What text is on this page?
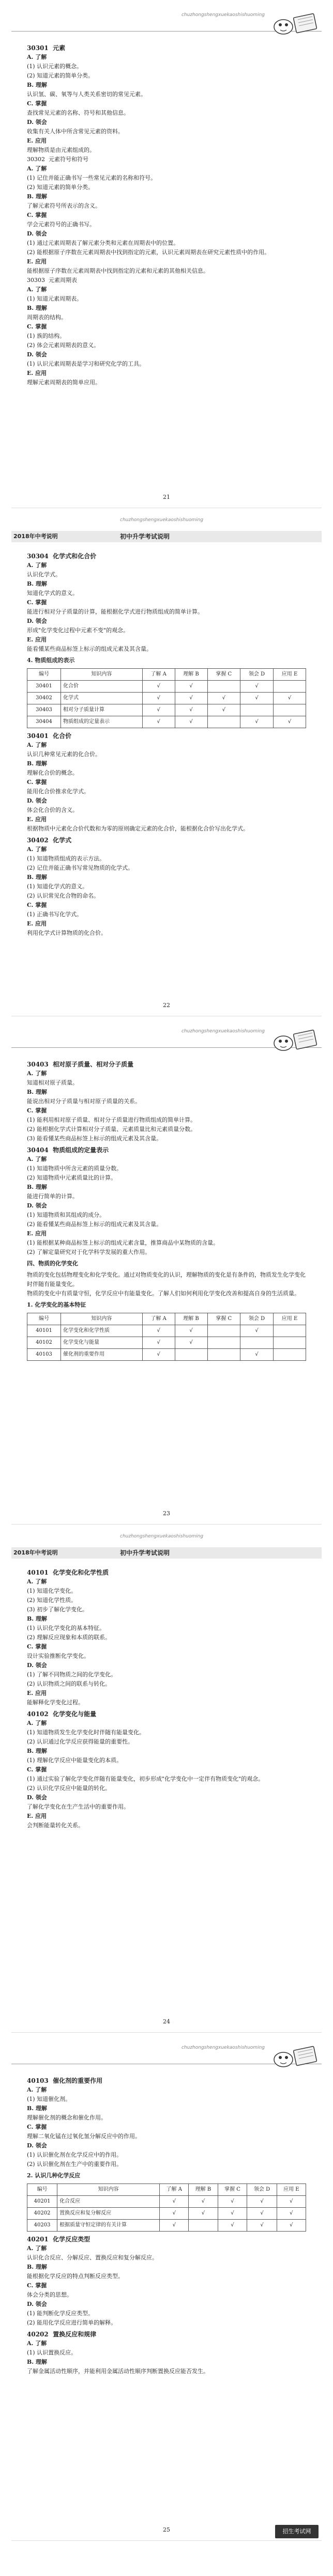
chuzhongshengxuekaoshishuoming
30301  元素
A. 了解
(1) 认识元素的概念。
(2) 知道元素的简单分类。
B. 理解
认识氢、碳、氧等与人类关系密切的常见元素。
C. 掌握
查找常见元素的名称、符号和其他信息。
D. 领会
收集有关人体中所含常见元素的资料。
E. 应用
理解物质是由元素组成的。
30302  元素符号和符号
A. 了解
(1) 记住并能正确书写一些常见元素的名称和符号。
(2) 知道元素的简单分类。
B. 理解
了解元素符号所表示的含义。
C. 掌握
学会元素符号的正确书写。
D. 领会
(1) 通过元素周期表了解元素分类和元素在周期表中的位置。
(2) 能根据原子序数在元素周期表中找到指定的元素，认识元素周期表在研究元素性质中的作用。
E. 应用
能根据原子序数在元素周期表中找到指定的元素和元素的其他相关信息。
30303  元素周期表
A. 了解
(1) 知道元素周期表。
B. 理解
周期表的结构。
C. 掌握
(1) 族的结构。
(2) 体会元素周期表的意义。
D. 领会
(1) 认识元素周期表是学习和研究化学的工具。
E. 应用
理解元素周期表的简单应用。
21
2018年中考说明	初中升学考试说明
chuzhongshengxuekaoshishuoming
30304  化学式和化合价
A. 了解
认识化学式。
B. 理解
知道化学式的意义。
C. 掌握
能进行相对分子质量的计算，能根据化学式进行物质组成的简单计算。
D. 领会
形成"化学变化过程中元素不变"的观念。
E. 应用
能看懂某些商品标签上标示的组成元素及其含量。
4. 物质组成的表示
编号	知识内容	了解 A	理解 B	掌握 C	领会 D	应用 E
30401	化合价	√	√		√	
30402	化学式	√	√	√	√	√
30403	相对分子质量计算	√	√	√		
30404	物质组成的定量表示	√	√		√	√
30401  化合价
A. 了解
认识几种常见元素的化合价。
B. 理解
理解化合价的概念。
C. 掌握
能用化合价推求化学式。
D. 领会
体会化合价的含义。
E. 应用
根据物质中元素化合价代数和为零的原则确定元素的化合价，能根据化合价写出化学式。
30402  化学式
A. 了解
(1) 知道物质组成的表示方法。
(2) 记住并能正确书写常见物质的化学式。
B. 理解
(1) 知道化学式的意义。
(2) 认识常见化合物的命名。
C. 掌握
(1) 正确书写化学式。
E. 应用
利用化学式计算物质的化合价。
22
chuzhongshengxuekaoshishuoming
30403  相对原子质量、相对分子质量
A. 了解
知道相对原子质量。
B. 理解
能说出相对分子质量与相对原子质量的关系。
C. 掌握
(1) 能利用相对原子质量、相对分子质量进行物质组成的简单计算。
(2) 能根据化学式计算相对分子质量、元素质量比和元素质量分数。
(3) 能看懂某些商品标签上标示的组成元素及其含量。
30404  物质组成的定量表示
A. 了解
(1) 知道物质中所含元素的质量分数。
(2) 知道物质中元素质量比的计算。
B. 理解
能进行简单的计算。
D. 领会
(1) 知道物质和其组成的成分。
(2) 能看懂某些商品标签上标示的组成元素及其含量。
E. 应用
(1) 能根据某种商品标签上标示的组成元素含量，推算商品中某物质的含量。
(2) 了解定量研究对于化学科学发展的重大作用。
四、物质的化学变化
物质的变化包括物理变化和化学变化。通过对物质变化的认识，理解物质的变化是有条件的，物质发生化学变化时伴随有能量变化。
物质的变化中有质量守恒，化学反应中有能量变化。了解人们如何利用化学变化改善和提高自身的生活质量。
1. 化学变化的基本特征
编号	知识内容	了解 A	理解 B	掌握 C	领会 D	应用 E
40101	化学变化和化学性质	√	√		√	
40102	化学变化与能量	√	√			
40103	催化剂的重要作用	√			√	
23
2018年中考说明	初中升学考试说明
chuzhongshengxuekaoshishuoming
40101  化学变化和化学性质
A. 了解
(1) 知道化学变化。
(2) 知道化学性质。
(3) 初步了解化学变化。
B. 理解
(1) 认识化学变化的基本特征。
(2) 理解反应现象和本质的联系。
C. 掌握
设计实验推断化学变化。
D. 领会
(1) 了解不同物质之间的化学变化。
(2) 认识物质之间的联系与转化。
E. 应用
能解释化学变化过程。
40102  化学变化与能量
A. 了解
(1) 知道物质发生化学变化时伴随有能量变化。
(2) 认识通过化学反应获得能量的重要性。
B. 理解
(1) 理解化学反应中能量变化的本质。
C. 掌握
(1) 通过实验了解化学变化伴随有能量变化，初步形成"化学变化中一定伴有物质变化"的观念。
(2) 认识化学反应中能量的转化。
D. 领会
了解化学变化在生产生活中的重要作用。
E. 应用
会判断能量转化关系。
24
chuzhongshengxuekaoshishuoming
40103  催化剂的重要作用
A. 了解
(1) 知道催化剂。
B. 理解
理解催化剂的概念和催化作用。
C. 掌握
理解二氧化锰在过氧化氢分解反应中的作用。
D. 领会
(1) 认识催化剂在化学反应中的作用。
(2) 认识催化剂在生产中的重要作用。
2. 认识几种化学反应
编号	知识内容	了解 A	理解 B	掌握 C	领会 D	应用 E
40201	化合反应	√	√	√	√	√
40202	置换反应和复分解反应	√	√	√	√	√
40203	根据质量守恒定律的有关计算	√		√	√	√
40201  化学反应类型
A. 了解
认识化合反应、分解反应、置换反应和复分解反应。
B. 理解
能根据化学反应的特点判断反应类型。
C. 掌握
体会分类的思想。
D. 领会
(1) 能判断化学反应类型。
(2) 能用化学反应进行简单的解释。
40202  置换反应和规律
A. 了解
(1) 认识置换反应。
B. 理解
了解金属活动性顺序，并能利用金属活动性顺序判断置换反应能否发生。
25	招生考试网
